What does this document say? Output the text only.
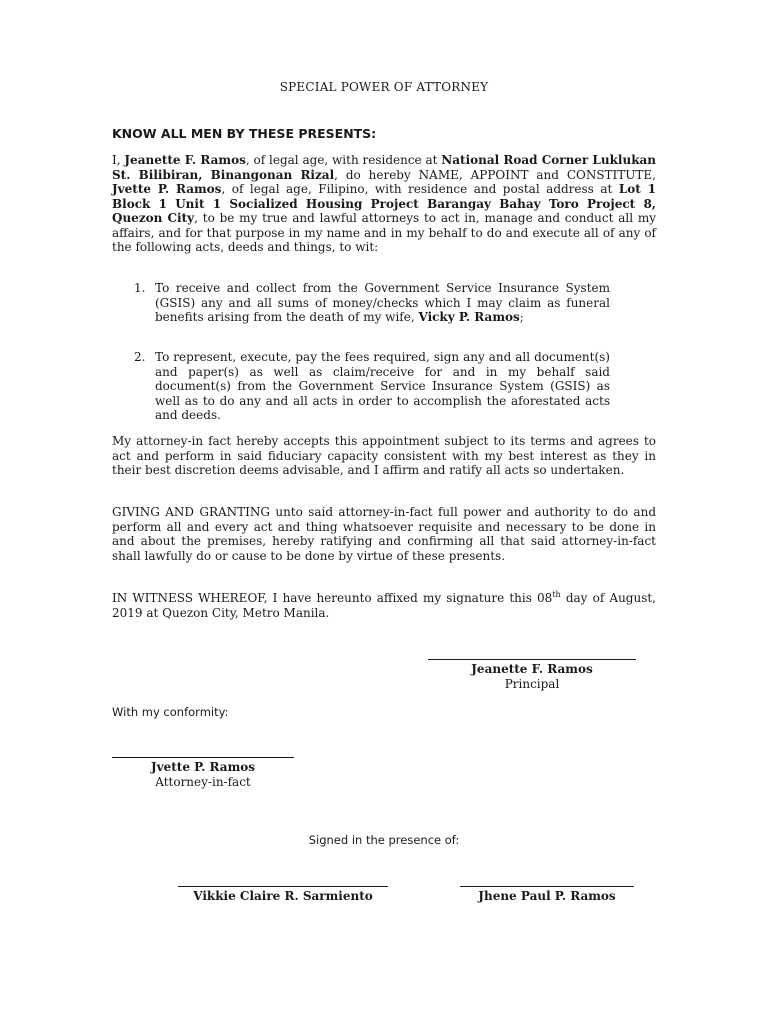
SPECIAL POWER OF ATTORNEY
KNOW ALL MEN BY THESE PRESENTS:
I, Jeanette F. Ramos, of legal age, with residence at National Road Corner Luklukan St. Bilibiran, Binangonan Rizal, do hereby NAME, APPOINT and CONSTITUTE, Jvette P. Ramos, of legal age, Filipino, with residence and postal address at Lot 1 Block 1 Unit 1 Socialized Housing Project Barangay Bahay Toro Project 8, Quezon City, to be my true and lawful attorneys to act in, manage and conduct all my affairs, and for that purpose in my name and in my behalf to do and execute all of any of the following acts, deeds and things, to wit:
1. To receive and collect from the Government Service Insurance System (GSIS) any and all sums of money/checks which I may claim as funeral benefits arising from the death of my wife, Vicky P. Ramos;
2. To represent, execute, pay the fees required, sign any and all document(s) and paper(s) as well as claim/receive for and in my behalf said document(s) from the Government Service Insurance System (GSIS) as well as to do any and all acts in order to accomplish the aforestated acts and deeds.
My attorney-in fact hereby accepts this appointment subject to its terms and agrees to act and perform in said fiduciary capacity consistent with my best interest as they in their best discretion deems advisable, and I affirm and ratify all acts so undertaken.
GIVING AND GRANTING unto said attorney-in-fact full power and authority to do and perform all and every act and thing whatsoever requisite and necessary to be done in and about the premises, hereby ratifying and confirming all that said attorney-in-fact shall lawfully do or cause to be done by virtue of these presents.
IN WITNESS WHEREOF, I have hereunto affixed my signature this 08th day of August, 2019 at Quezon City, Metro Manila.
Jeanette F. Ramos
Principal
With my conformity:
Jvette P. Ramos
Attorney-in-fact
Signed in the presence of:
Vikkie Claire R. Sarmiento	Jhene Paul P. Ramos
